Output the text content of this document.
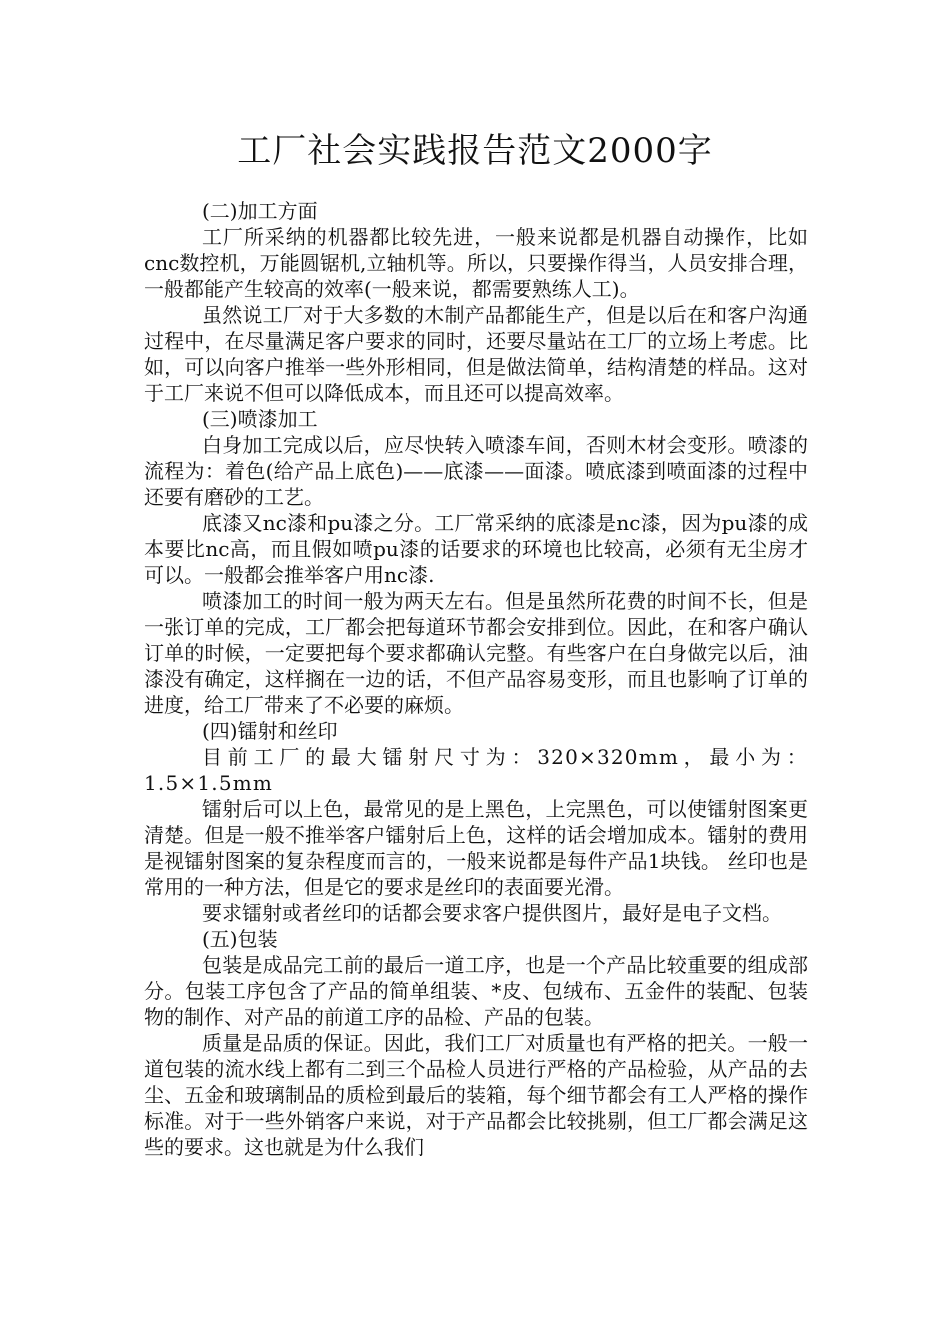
工厂社会实践报告范文2000字

(二)加工方面

工厂所采纳的机器都比较先进，一般来说都是机器自动操作，比如cnc数控机，万能圆锯机,立轴机等。所以，只要操作得当，人员安排合理，一般都能产生较高的效率(一般来说，都需要熟练人工)。

虽然说工厂对于大多数的木制产品都能生产，但是以后在和客户沟通过程中，在尽量满足客户要求的同时，还要尽量站在工厂的立场上考虑。比如，可以向客户推举一些外形相同，但是做法简单，结构清楚的样品。这对于工厂来说不但可以降低成本，而且还可以提高效率。

(三)喷漆加工

白身加工完成以后，应尽快转入喷漆车间，否则木材会变形。喷漆的流程为：着色(给产品上底色)——底漆——面漆。喷底漆到喷面漆的过程中还要有磨砂的工艺。

底漆又nc漆和pu漆之分。工厂常采纳的底漆是nc漆，因为pu漆的成本要比nc高，而且假如喷pu漆的话要求的环境也比较高，必须有无尘房才可以。一般都会推举客户用nc漆.

喷漆加工的时间一般为两天左右。但是虽然所花费的时间不长，但是一张订单的完成，工厂都会把每道环节都会安排到位。因此，在和客户确认订单的时候，一定要把每个要求都确认完整。有些客户在白身做完以后，油漆没有确定，这样搁在一边的话，不但产品容易变形，而且也影响了订单的进度，给工厂带来了不必要的麻烦。

(四)镭射和丝印

目前工厂的最大镭射尺寸为：320×320mm，最小为：1.5×1.5mm

镭射后可以上色，最常见的是上黑色，上完黑色，可以使镭射图案更清楚。但是一般不推举客户镭射后上色，这样的话会增加成本。镭射的费用是视镭射图案的复杂程度而言的，一般来说都是每件产品1块钱。 丝印也是常用的一种方法，但是它的要求是丝印的表面要光滑。

要求镭射或者丝印的话都会要求客户提供图片，最好是电子文档。

(五)包装

包装是成品完工前的最后一道工序，也是一个产品比较重要的组成部分。包装工序包含了产品的简单组装、*皮、包绒布、五金件的装配、包装物的制作、对产品的前道工序的品检、产品的包装。

质量是品质的保证。因此，我们工厂对质量也有严格的把关。一般一道包装的流水线上都有二到三个品检人员进行严格的产品检验，从产品的去尘、五金和玻璃制品的质检到最后的装箱，每个细节都会有工人严格的操作标准。对于一些外销客户来说，对于产品都会比较挑剔，但工厂都会满足这些的要求。这也就是为什么我们
